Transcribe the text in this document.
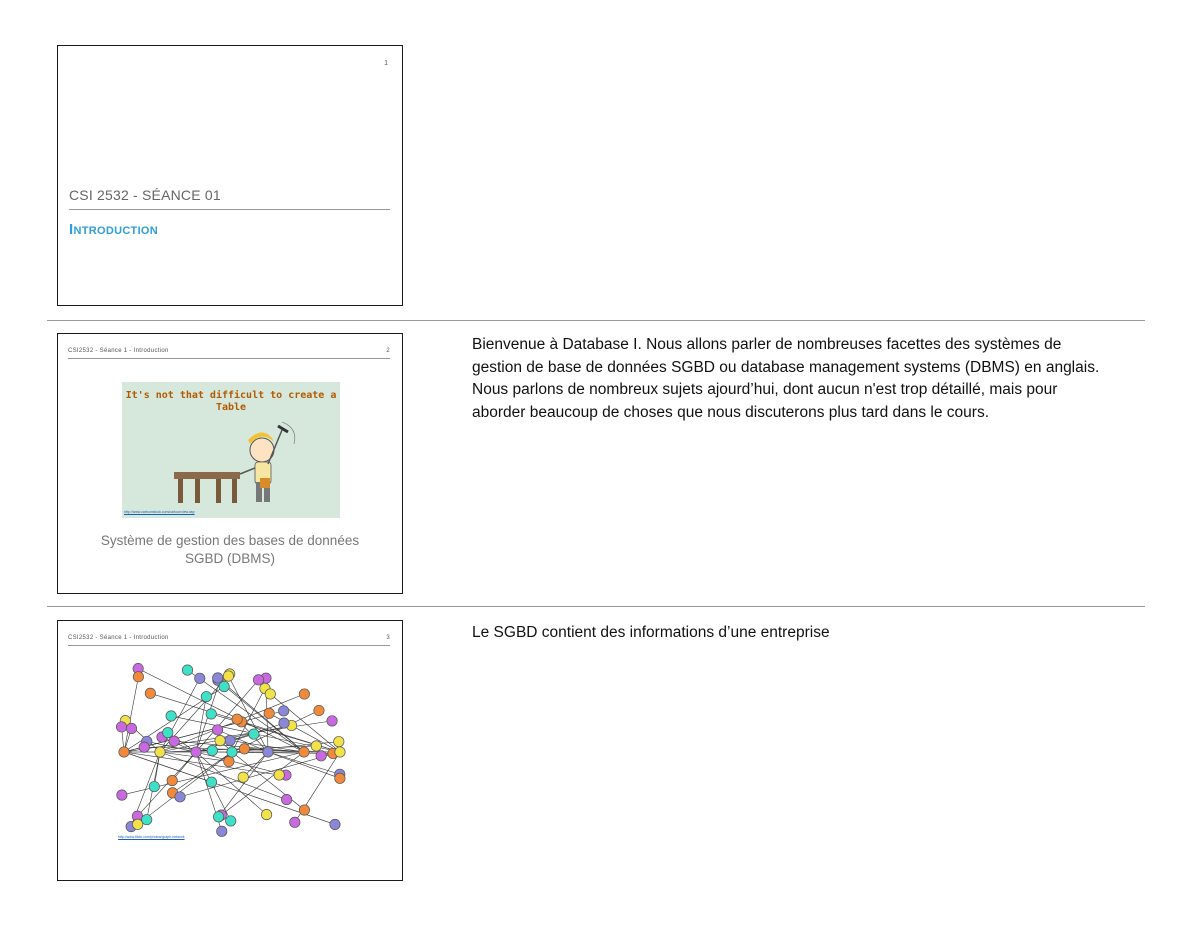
1
CSI 2532 - SÉANCE 01
Introduction
CSI2532 - Séance 1 - Introduction	2
It's not that difficult to create a Table
http://www.cartoonstock.com/cartoonview.asp
Système de gestion des bases de données
SGBD (DBMS)
Bienvenue à Database I. Nous allons parler de nombreuses facettes des systèmes de gestion de base de données SGBD ou database management systems (DBMS) en anglais. Nous parlons de nombreux sujets ajourd’hui, dont aucun n'est trop détaillé, mais pour aborder beaucoup de choses que nous discuterons plus tard dans le cours.
CSI2532 - Séance 1 - Introduction	3
http://www.flickr.com/photos/graph-network
Le SGBD contient des informations d’une entreprise
